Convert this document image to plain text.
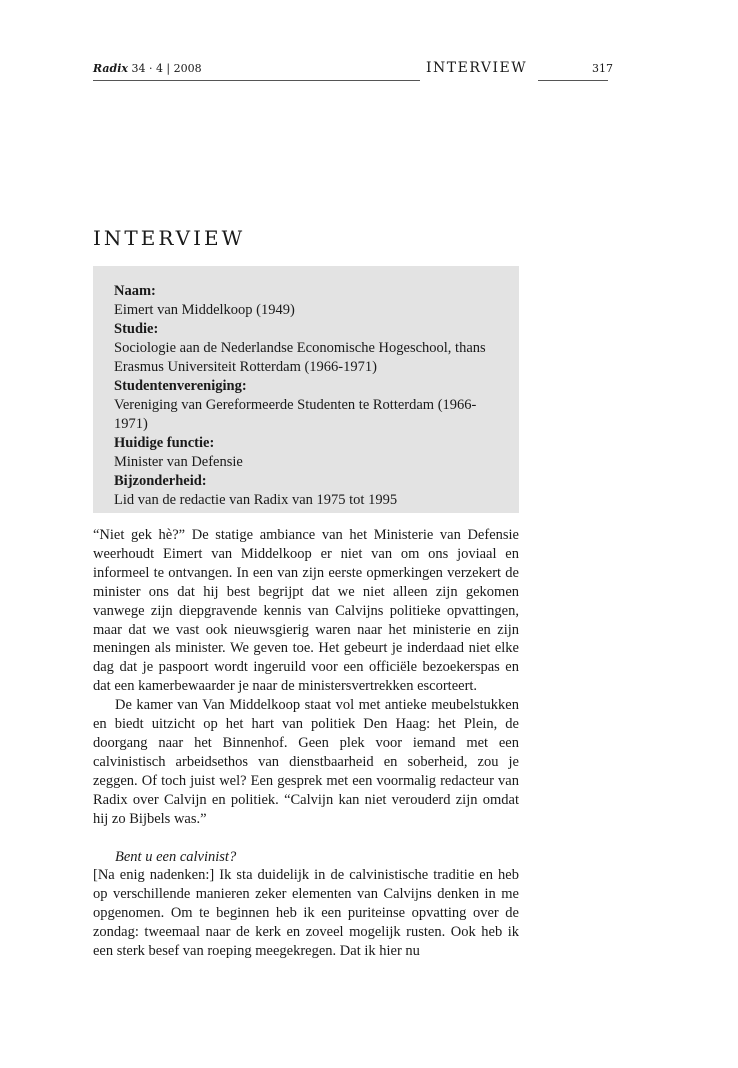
Radix 34 · 4 | 2008	INTERVIEW	317
INTERVIEW
Naam:
Eimert van Middelkoop (1949)
Studie:
Sociologie aan de Nederlandse Economische Hogeschool, thans Erasmus Universiteit Rotterdam (1966-1971)
Studentenvereniging:
Vereniging van Gereformeerde Studenten te Rotterdam (1966-1971)
Huidige functie:
Minister van Defensie
Bijzonderheid:
Lid van de redactie van Radix van 1975 tot 1995

“Niet gek hè?” De statige ambiance van het Ministerie van Defensie weerhoudt Eimert van Middelkoop er niet van om ons joviaal en informeel te ontvangen. In een van zijn eerste opmerkingen verzekert de minister ons dat hij best begrijpt dat we niet alleen zijn gekomen vanwege zijn diepgravende kennis van Calvijns politieke opvattingen, maar dat we vast ook nieuwsgierig waren naar het ministerie en zijn meningen als minister. We geven toe. Het gebeurt je inderdaad niet elke dag dat je paspoort wordt ingeruild voor een officiële bezoekerspas en dat een kamerbewaarder je naar de ministersvertrekken escorteert.

De kamer van Van Middelkoop staat vol met antieke meubelstukken en biedt uitzicht op het hart van politiek Den Haag: het Plein, de doorgang naar het Binnenhof. Geen plek voor iemand met een calvinistisch arbeidsethos van dienstbaarheid en soberheid, zou je zeggen. Of toch juist wel? Een gesprek met een voormalig redacteur van Radix over Calvijn en politiek. “Calvijn kan niet verouderd zijn omdat hij zo Bijbels was.”

Bent u een calvinist?

[Na enig nadenken:] Ik sta duidelijk in de calvinistische traditie en heb op verschillende manieren zeker elementen van Calvijns denken in me opgenomen. Om te beginnen heb ik een puriteinse opvatting over de zondag: tweemaal naar de kerk en zoveel mogelijk rusten. Ook heb ik een sterk besef van roeping meegekregen. Dat ik hier nu
